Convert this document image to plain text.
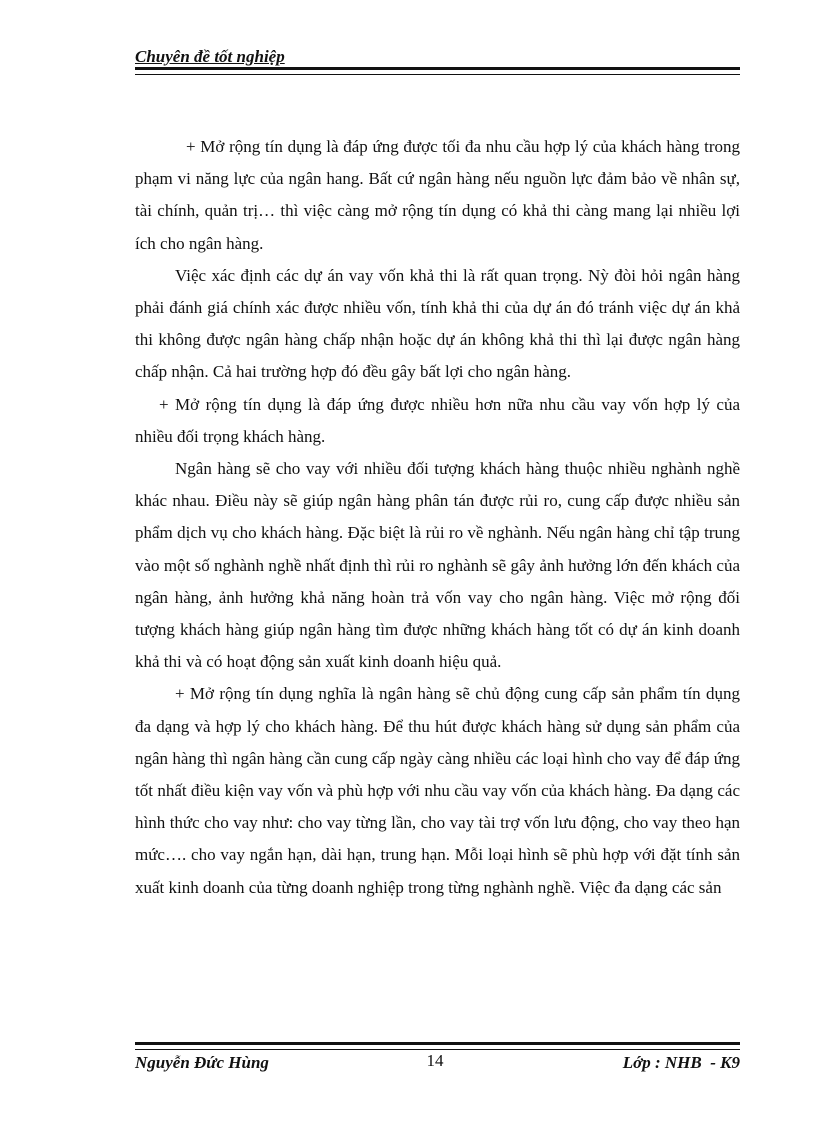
Chuyên đề tốt nghiệp

+ Mở rộng tín dụng là đáp ứng được tối đa nhu cầu hợp lý của khách hàng trong phạm vi năng lực của ngân hang. Bất cứ ngân hàng nếu nguồn lực đảm bảo về nhân sự, tài chính, quản trị… thì việc càng mở rộng tín dụng có khả thi càng mang lại nhiều lợi ích cho ngân hàng.

Việc xác định các dự án vay vốn khả thi là rất quan trọng. Nỳ đòi hỏi ngân hàng phải đánh giá chính xác được nhiều vốn, tính khả thi của dự án đó tránh việc dự án khả thi không được ngân hàng chấp nhận hoặc dự án không khả thi thì lại được ngân hàng chấp nhận. Cả hai trường hợp đó đều gây bất lợi cho ngân hàng.

+ Mở rộng tín dụng là đáp ứng được nhiều hơn nữa nhu cầu vay vốn hợp lý của nhiều đối trọng khách hàng.

Ngân hàng sẽ cho vay với nhiều đối tượng khách hàng thuộc nhiều nghành nghề khác nhau. Điều này sẽ giúp ngân hàng phân tán được rủi ro, cung cấp được nhiều sản phẩm dịch vụ cho khách hàng. Đặc biệt là rủi ro về nghành. Nếu ngân hàng chỉ tập trung vào một số nghành nghề nhất định thì rủi ro nghành sẽ gây ảnh hưởng lớn đến khách của ngân hàng, ảnh hưởng khả năng hoàn trả vốn vay cho ngân hàng. Việc mở rộng đối tượng khách hàng giúp ngân hàng tìm được những khách hàng tốt có dự án kinh doanh khả thi và có hoạt động sản xuất kinh doanh hiệu quả.

+ Mở rộng tín dụng nghĩa là ngân hàng sẽ chủ động cung cấp sản phẩm tín dụng đa dạng và hợp lý cho khách hàng. Để thu hút được khách hàng sử dụng sản phẩm của ngân hàng thì ngân hàng cần cung cấp ngày càng nhiều các loại hình cho vay để đáp ứng tốt nhất điều kiện vay vốn và phù hợp với nhu cầu vay vốn của khách hàng. Đa dạng các hình thức cho vay như: cho vay từng lần, cho vay tài trợ vốn lưu động, cho vay theo hạn mức…. cho vay ngắn hạn, dài hạn, trung hạn. Mỗi loại hình sẽ phù hợp với đặt tính sản xuất kinh doanh của từng doanh nghiệp trong từng nghành nghề. Việc đa dạng các sản

Nguyễn Đức Hùng	14	Lớp : NHB  - K9
